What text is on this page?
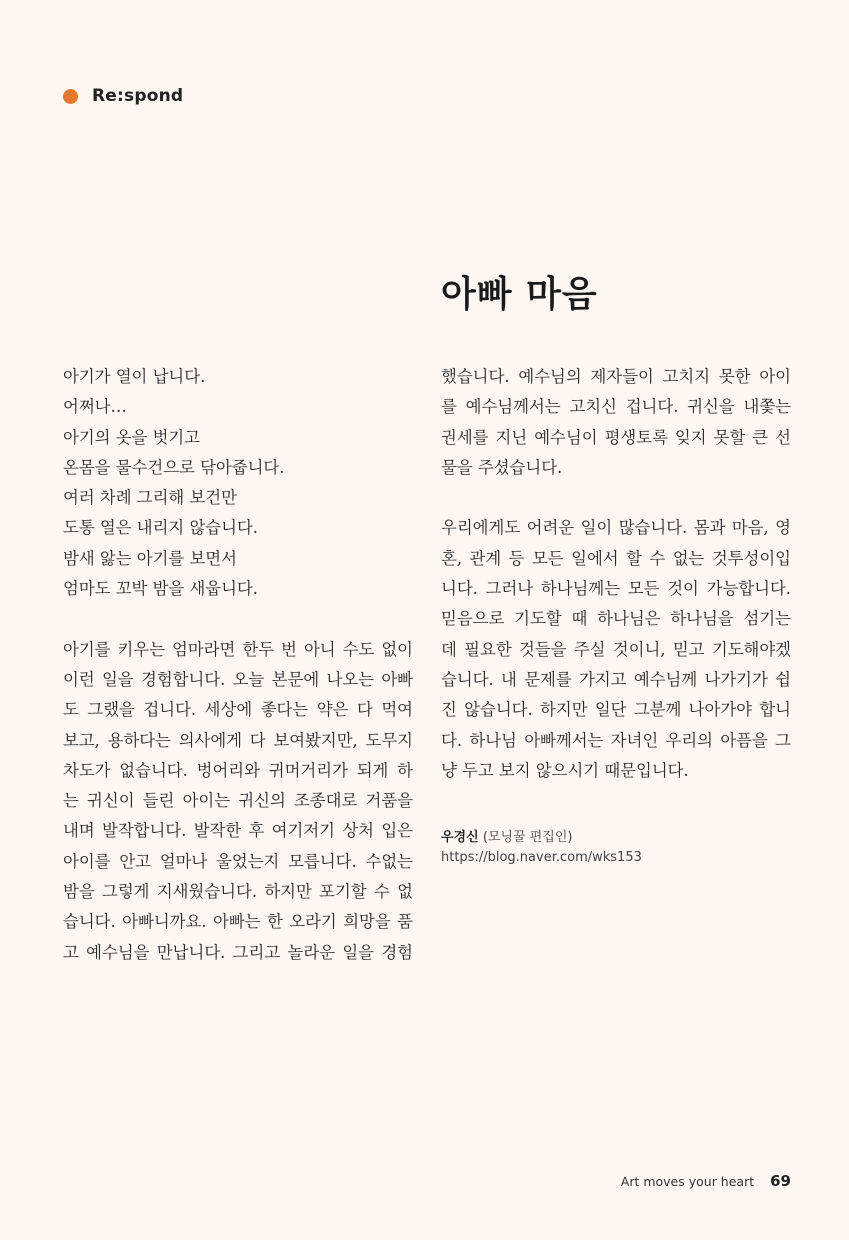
Re:spond
아빠 마음
아기가 열이 납니다.
어쩌나…
아기의 옷을 벗기고
온몸을 물수건으로 닦아줍니다.
여러 차례 그리해 보건만
도통 열은 내리지 않습니다.
밤새 앓는 아기를 보면서
엄마도 꼬박 밤을 새웁니다.
아기를 키우는 엄마라면 한두 번 아니 수도 없이
이런 일을 경험합니다. 오늘 본문에 나오는 아빠
도 그랬을 겁니다. 세상에 좋다는 약은 다 먹여
보고, 용하다는 의사에게 다 보여봤지만, 도무지
차도가 없습니다. 벙어리와 귀머거리가 되게 하
는 귀신이 들린 아이는 귀신의 조종대로 거품을
내며 발작합니다. 발작한 후 여기저기 상처 입은
아이를 안고 얼마나 울었는지 모릅니다. 수없는
밤을 그렇게 지새웠습니다. 하지만 포기할 수 없
습니다. 아빠니까요. 아빠는 한 오라기 희망을 품
고 예수님을 만납니다. 그리고 놀라운 일을 경험
했습니다. 예수님의 제자들이 고치지 못한 아이
를 예수님께서는 고치신 겁니다. 귀신을 내쫓는
권세를 지닌 예수님이 평생토록 잊지 못할 큰 선
물을 주셨습니다.
우리에게도 어려운 일이 많습니다. 몸과 마음, 영
혼, 관계 등 모든 일에서 할 수 없는 것투성이입
니다. 그러나 하나님께는 모든 것이 가능합니다.
믿음으로 기도할 때 하나님은 하나님을 섬기는
데 필요한 것들을 주실 것이니, 믿고 기도해야겠
습니다. 내 문제를 가지고 예수님께 나가기가 쉽
진 않습니다. 하지만 일단 그분께 나아가야 합니
다. 하나님 아빠께서는 자녀인 우리의 아픔을 그
냥 두고 보지 않으시기 때문입니다.
우경신 (모닝꿀 편집인)
https://blog.naver.com/wks153
Art moves your heart 69
